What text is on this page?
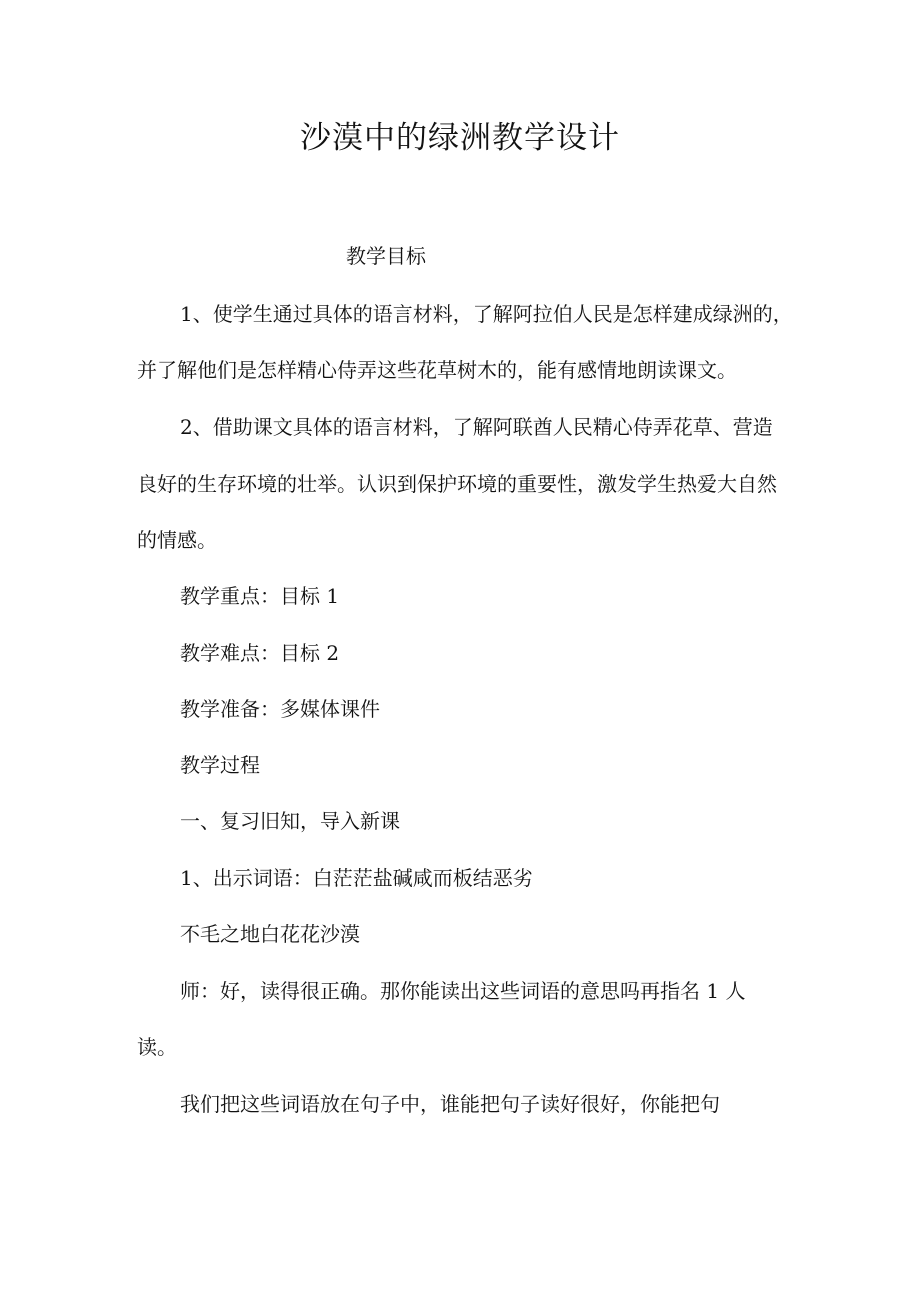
沙漠中的绿洲教学设计

教学目标

1、使学生通过具体的语言材料，了解阿拉伯人民是怎样建成绿洲的，

并了解他们是怎样精心侍弄这些花草树木的，能有感情地朗读课文。

2、借助课文具体的语言材料，了解阿联酋人民精心侍弄花草、营造

良好的生存环境的壮举。认识到保护环境的重要性，激发学生热爱大自然

的情感。

教学重点：目标 1

教学难点：目标 2

教学准备：多媒体课件

教学过程

一、复习旧知，导入新课

1、出示词语：白茫茫盐碱咸而板结恶劣

不毛之地白花花沙漠

师：好，读得很正确。那你能读出这些词语的意思吗再指名 1 人

读。

我们把这些词语放在句子中，谁能把句子读好很好，你能把句
